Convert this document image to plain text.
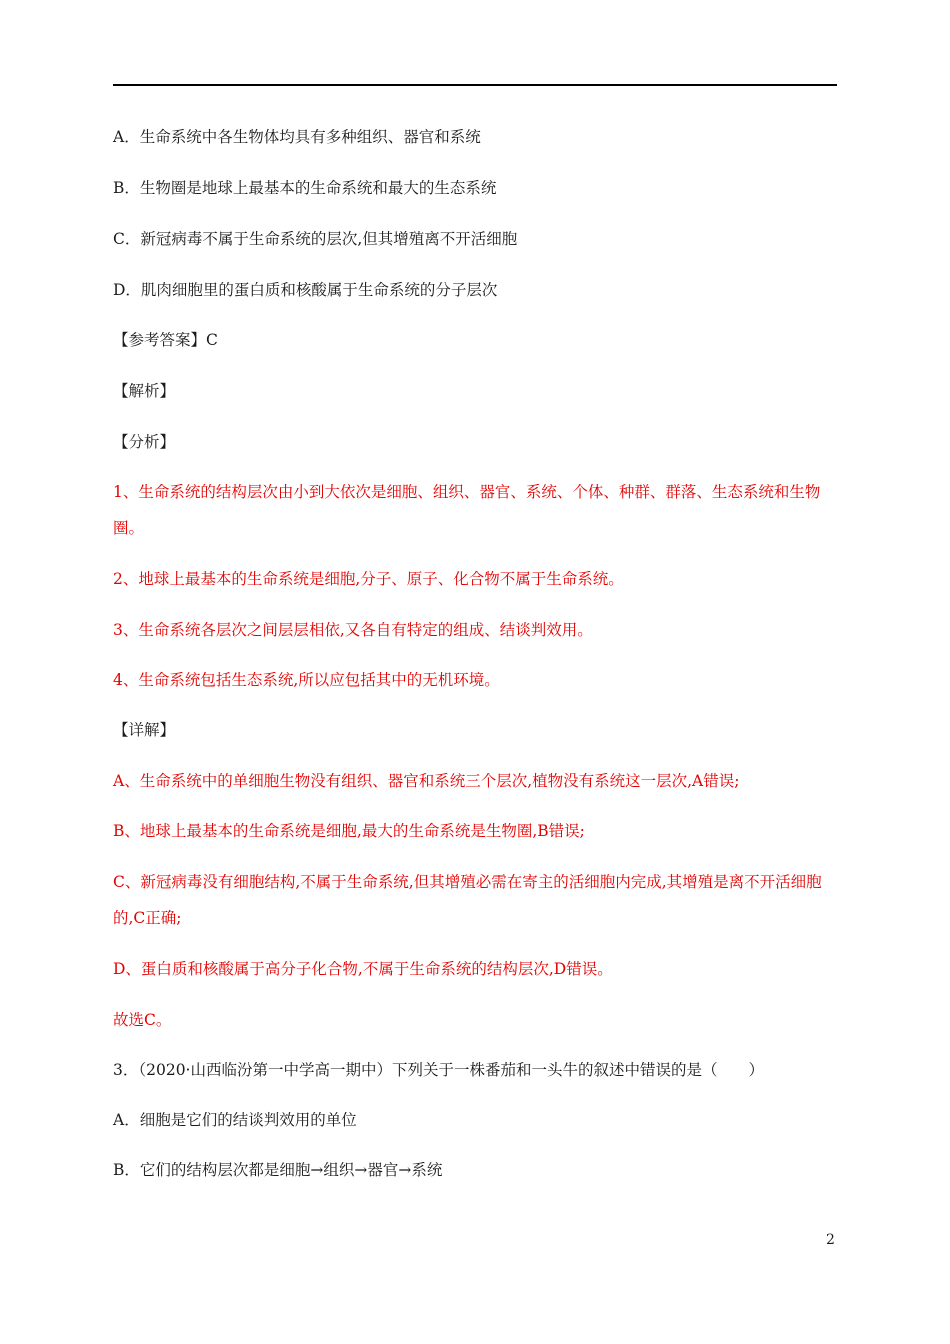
A．生命系统中各生物体均具有多种组织、器官和系统

B．生物圈是地球上最基本的生命系统和最大的生态系统

C．新冠病毒不属于生命系统的层次,但其增殖离不开活细胞

D．肌肉细胞里的蛋白质和核酸属于生命系统的分子层次

【参考答案】C

【解析】

【分析】

1、生命系统的结构层次由小到大依次是细胞、组织、器官、系统、个体、种群、群落、生态系统和生物圈。

2、地球上最基本的生命系统是细胞,分子、原子、化合物不属于生命系统。

3、生命系统各层次之间层层相依,又各自有特定的组成、结谈判效用。

4、生命系统包括生态系统,所以应包括其中的无机环境。

【详解】

A、生命系统中的单细胞生物没有组织、器官和系统三个层次,植物没有系统这一层次,A错误;

B、地球上最基本的生命系统是细胞,最大的生命系统是生物圈,B错误;

C、新冠病毒没有细胞结构,不属于生命系统,但其增殖必需在寄主的活细胞内完成,其增殖是离不开活细胞的,C正确;

D、蛋白质和核酸属于高分子化合物,不属于生命系统的结构层次,D错误。

故选C。

3．（2020·山西临汾第一中学高一期中）下列关于一株番茄和一头牛的叙述中错误的是（　　）

A．细胞是它们的结谈判效用的单位

B．它们的结构层次都是细胞→组织→器官→系统

2
